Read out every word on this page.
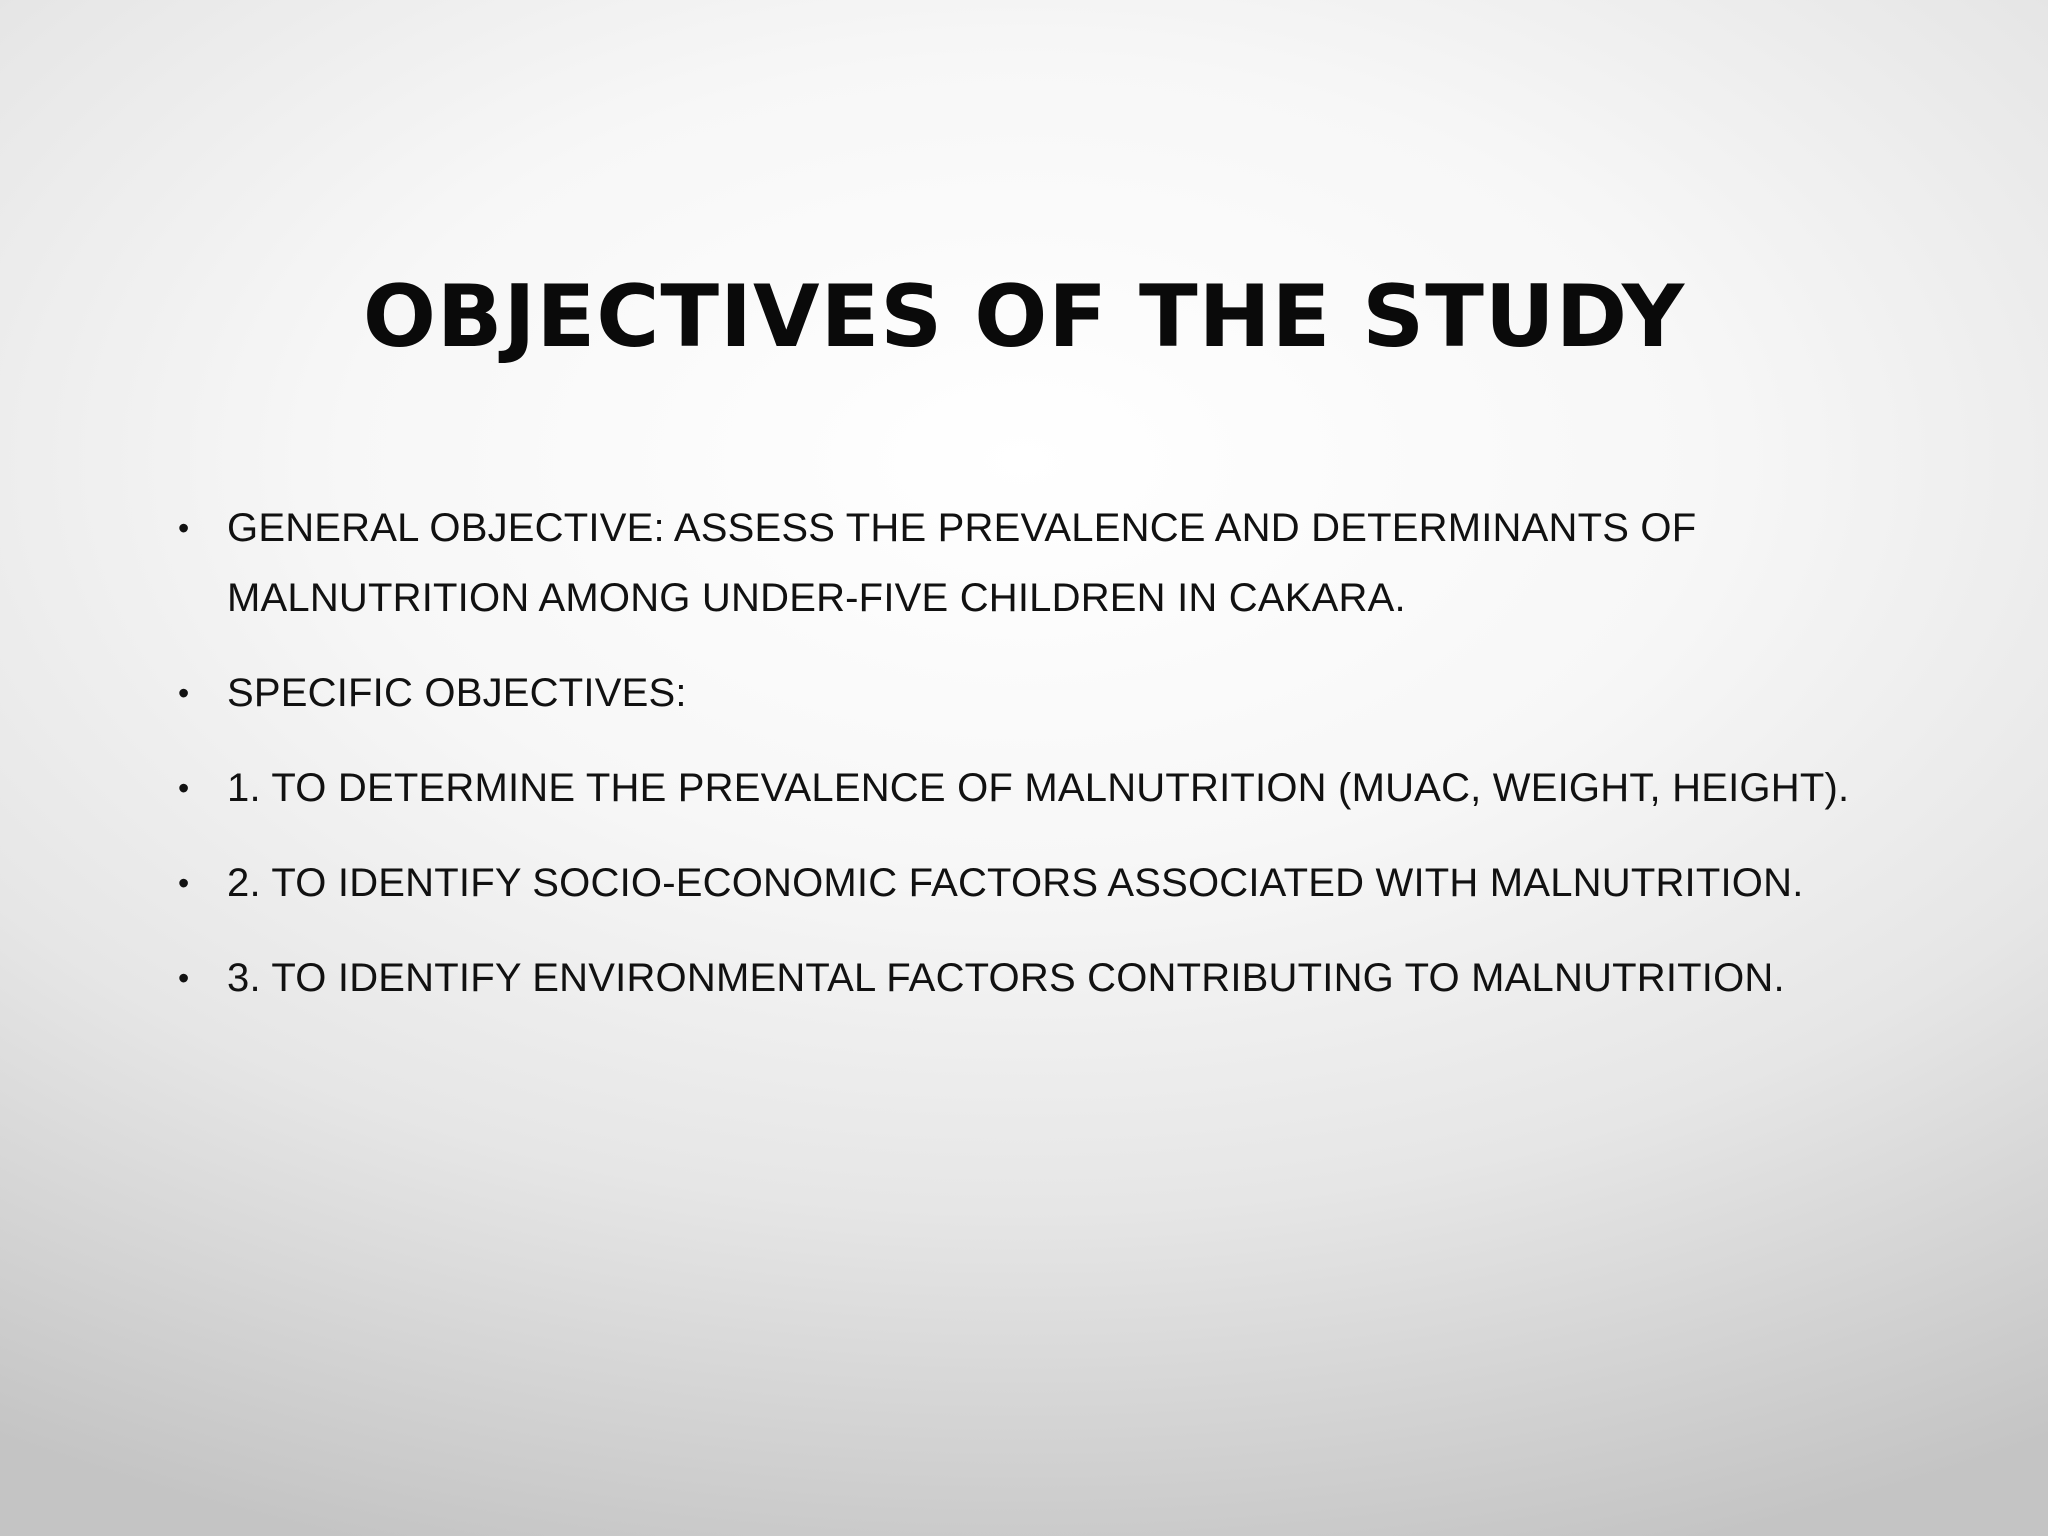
OBJECTIVES OF THE STUDY
• GENERAL OBJECTIVE: ASSESS THE PREVALENCE AND DETERMINANTS OF MALNUTRITION AMONG UNDER-FIVE CHILDREN IN CAKARA.
• SPECIFIC OBJECTIVES:
• 1. TO DETERMINE THE PREVALENCE OF MALNUTRITION (MUAC, WEIGHT, HEIGHT).
• 2. TO IDENTIFY SOCIO-ECONOMIC FACTORS ASSOCIATED WITH MALNUTRITION.
• 3. TO IDENTIFY ENVIRONMENTAL FACTORS CONTRIBUTING TO MALNUTRITION.
